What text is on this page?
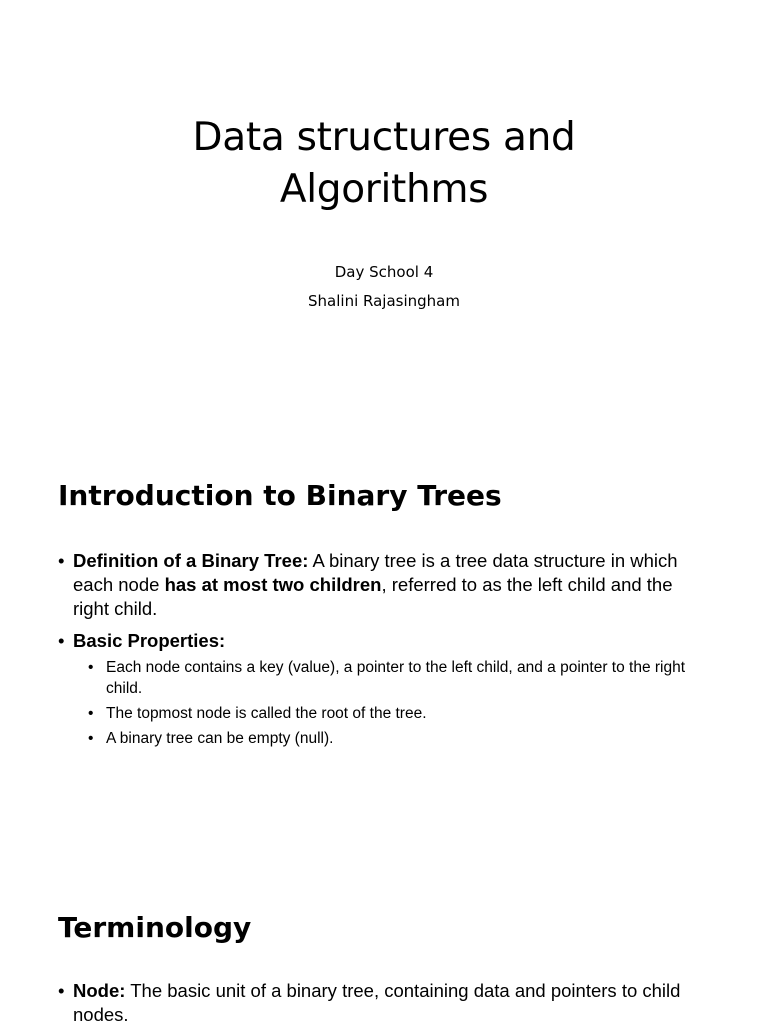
Data structures and
Algorithms
Day School 4
Shalini Rajasingham
Introduction to Binary Trees
• Definition of a Binary Tree: A binary tree is a tree data structure in which each node has at most two children, referred to as the left child and the right child.
• Basic Properties:
• Each node contains a key (value), a pointer to the left child, and a pointer to the right child.
• The topmost node is called the root of the tree.
• A binary tree can be empty (null).
Terminology
• Node: The basic unit of a binary tree, containing data and pointers to child nodes.
